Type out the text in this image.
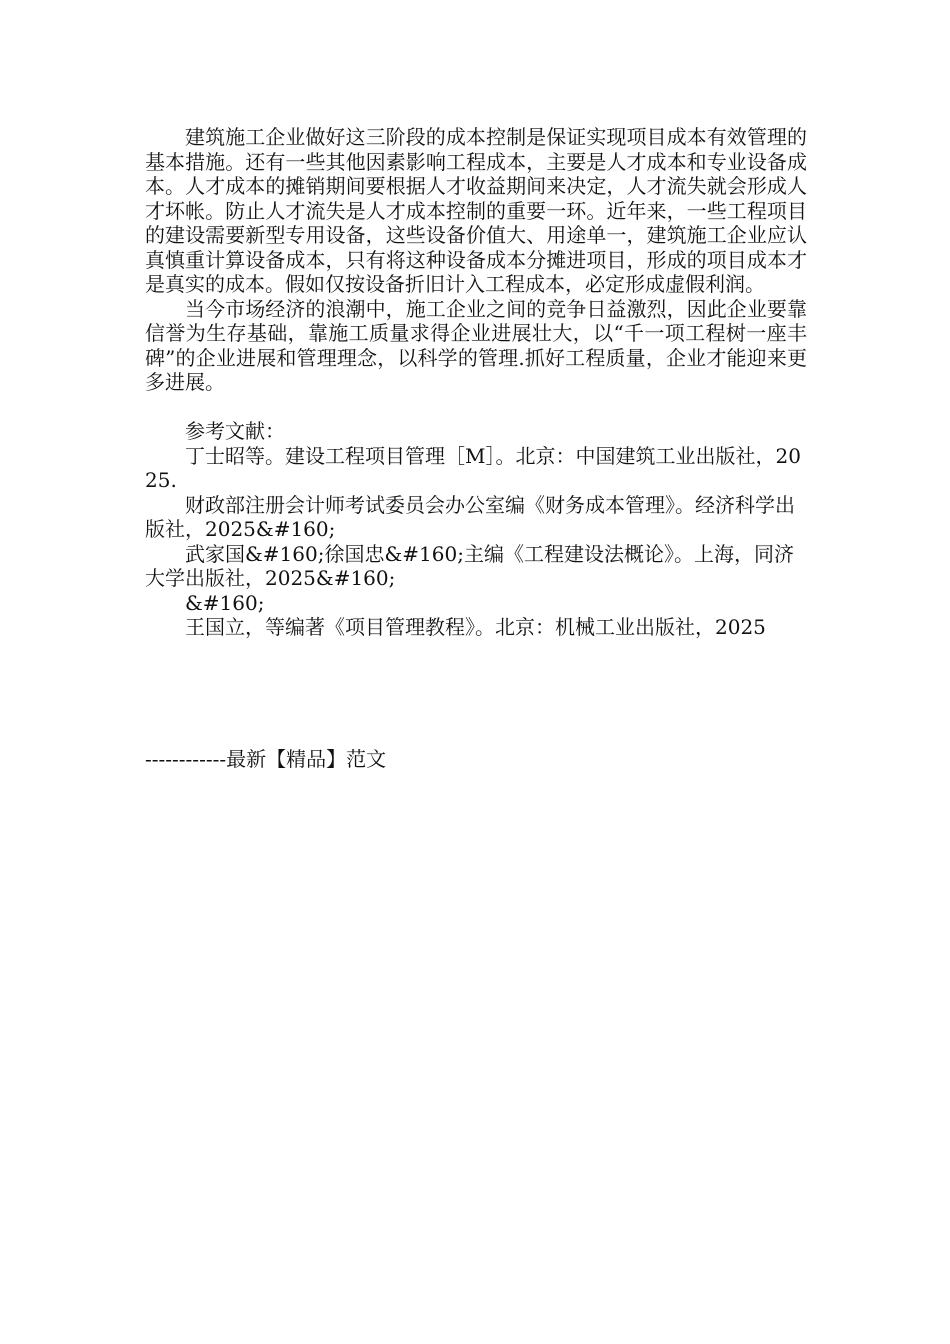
建筑施工企业做好这三阶段的成本控制是保证实现项目成本有效管理的基本措施。还有一些其他因素影响工程成本，主要是人才成本和专业设备成本。人才成本的摊销期间要根据人才收益期间来决定，人才流失就会形成人才坏帐。防止人才流失是人才成本控制的重要一环。近年来，一些工程项目的建设需要新型专用设备，这些设备价值大、用途单一，建筑施工企业应认真慎重计算设备成本，只有将这种设备成本分摊进项目，形成的项目成本才是真实的成本。假如仅按设备折旧计入工程成本，必定形成虚假利润。

当今市场经济的浪潮中，施工企业之间的竞争日益激烈，因此企业要靠信誉为生存基础，靠施工质量求得企业进展壮大，以“千一项工程树一座丰碑”的企业进展和管理理念，以科学的管理.抓好工程质量，企业才能迎来更多进展。

参考文献：

丁士昭等。建设工程项目管理［M］。北京：中国建筑工业出版社，2025.

财政部注册会计师考试委员会办公室编《财务成本管理》。经济科学出版社，2025&#160;

武家国&#160;徐国忠&#160;主编《工程建设法概论》。上海，同济大学出版社，2025&#160;

&#160;

王国立，等编著《项目管理教程》。北京：机械工业出版社，2025

------------最新【精品】范文
